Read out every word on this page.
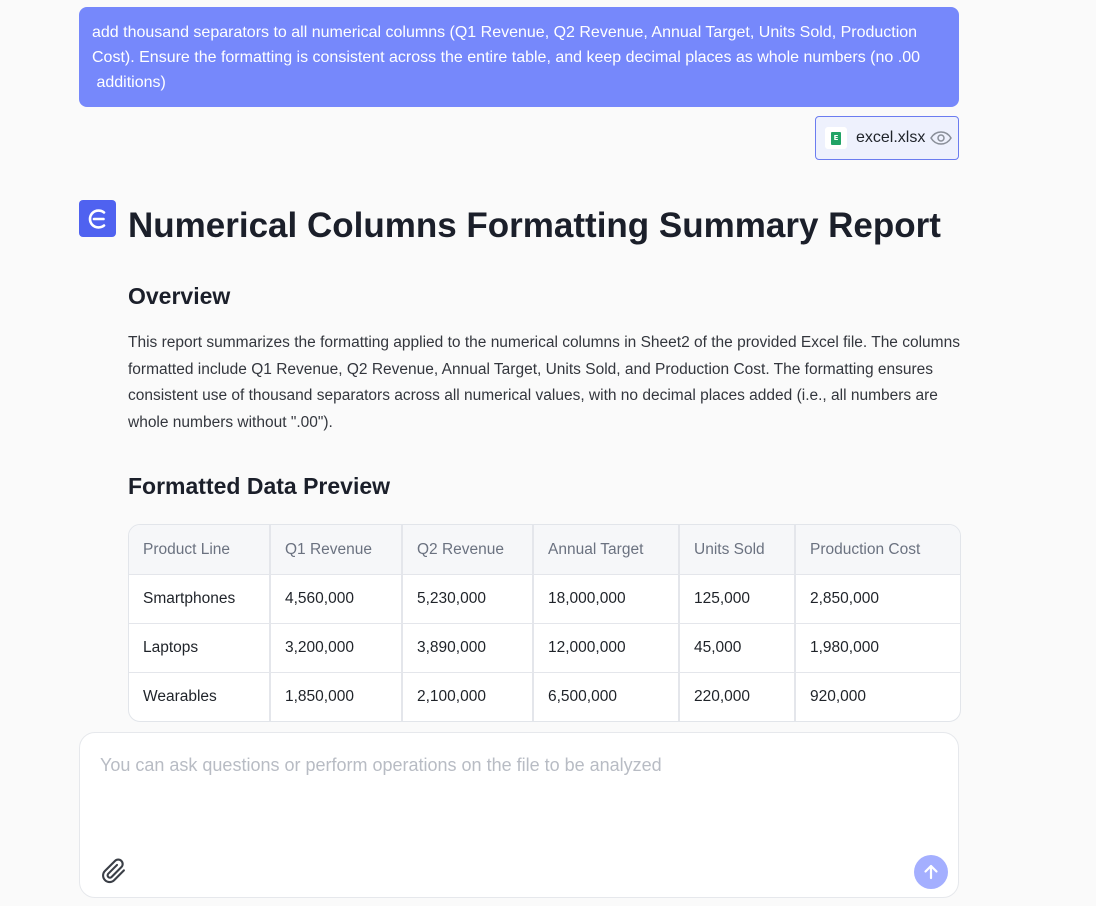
add thousand separators to all numerical columns (Q1 Revenue, Q2 Revenue, Annual Target, Units Sold, Production Cost). Ensure the formatting is consistent across the entire table, and keep decimal places as whole numbers (no .00
additions)
E excel.xlsx
Numerical Columns Formatting Summary Report
Overview

This report summarizes the formatting applied to the numerical columns in Sheet2 of the provided Excel file. The columns formatted include Q1 Revenue, Q2 Revenue, Annual Target, Units Sold, and Production Cost. The formatting ensures consistent use of thousand separators across all numerical values, with no decimal places added (i.e., all numbers are whole numbers without ".00").

Formatted Data Preview
Product Line	Q1 Revenue	Q2 Revenue	Annual Target	Units Sold	Production Cost
Smartphones	4,560,000	5,230,000	18,000,000	125,000	2,850,000
Laptops	3,200,000	3,890,000	12,000,000	45,000	1,980,000
Wearables	1,850,000	2,100,000	6,500,000	220,000	920,000
You can ask questions or perform operations on the file to be analyzed
